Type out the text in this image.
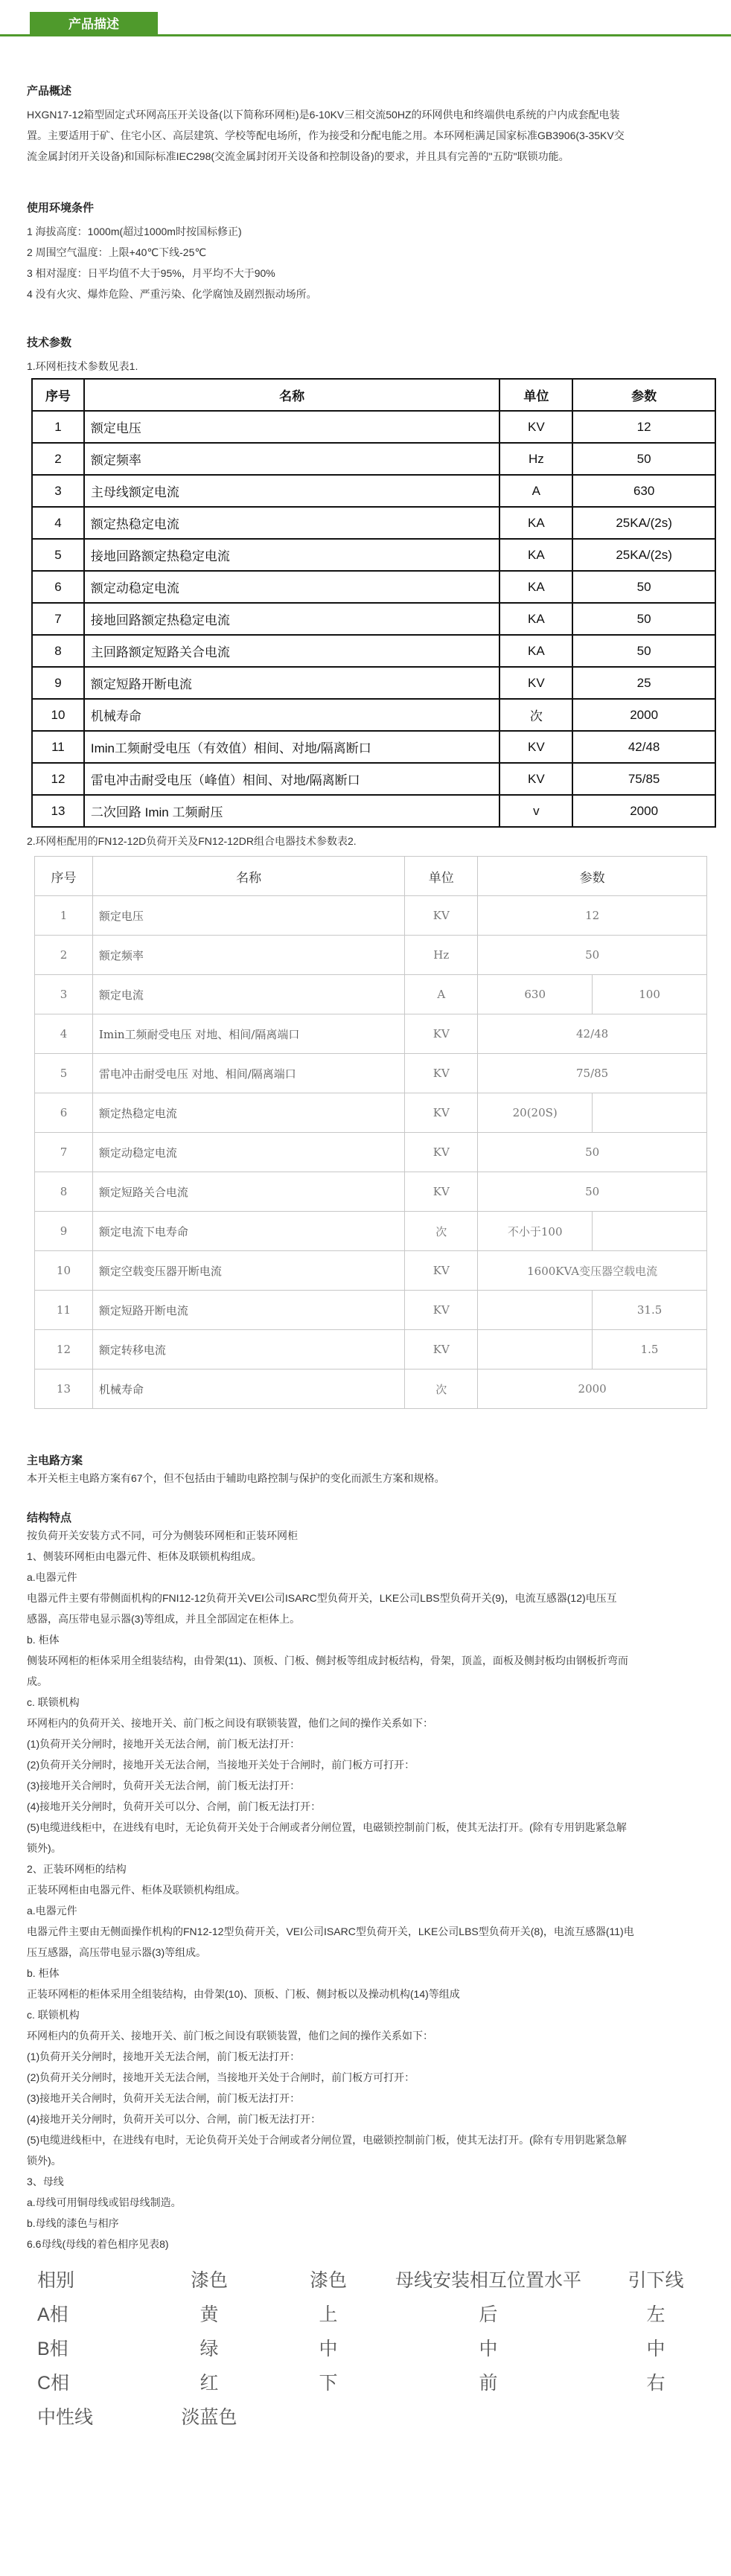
产品描述
产品概述

HXGN17-12箱型固定式环网高压开关设备(以下简称环网柜)是6-10KV三相交流50HZ的环网供电和终端供电系统的户内成套配电装

置。主要适用于矿、住宅小区、高层建筑、学校等配电场所，作为接受和分配电能之用。本环网柜满足国家标准GB3906(3-35KV交

流金属封闭开关设备)和国际标准IEC298(交流金属封闭开关设备和控制设备)的要求，并且具有完善的"五防"联锁功能。

使用环境条件

1 海拔高度：1000m(超过1000m时按国标修正)

2 周围空气温度：上限+40℃下线-25℃

3 相对湿度：日平均值不大于95%，月平均不大于90%

4 没有火灾、爆炸危险、严重污染、化学腐蚀及剧烈振动场所。

技术参数

1.环网柜技术参数见表1.

序号	名称	单位	参数
1	额定电压	KV	12
2	额定频率	Hz	50
3	主母线额定电流	A	630
4	额定热稳定电流	KA	25KA/(2s)
5	接地回路额定热稳定电流	KA	25KA/(2s)
6	额定动稳定电流	KA	50
7	接地回路额定热稳定电流	KA	50
8	主回路额定短路关合电流	KA	50
9	额定短路开断电流	KV	25
10	机械寿命	次	2000
11	Imin工频耐受电压（有效值）相间、对地/隔离断口	KV	42/48
12	雷电冲击耐受电压（峰值）相间、对地/隔离断口	KV	75/85
13	二次回路 Imin 工频耐压	v	2000

2.环网柜配用的FN12-12D负荷开关及FN12-12DR组合电器技术参数表2.

序号	名称	单位	参数	
1	额定电压	KV	12	
2	额定频率	Hz	50	
3	额定电流	A	630	100
4	Imin工频耐受电压 对地、相间/隔离端口	KV	42/48	
5	雷电冲击耐受电压 对地、相间/隔离端口	KV	75/85	
6	额定热稳定电流	KV	20(20S)	
7	额定动稳定电流	KV	50	
8	额定短路关合电流	KV	50	
9	额定电流下电寿命	次	不小于100	
10	额定空载变压器开断电流	KV	1600KVA变压器空载电流	
11	额定短路开断电流	KV		31.5
12	额定转移电流	KV		1.5
13	机械寿命	次	2000	
主电路方案

本开关柜主电路方案有67个，但不包括由于辅助电路控制与保护的变化而派生方案和规格。

结构特点

按负荷开关安装方式不同，可分为侧装环网柜和正装环网柜

1、侧装环网柜由电器元件、柜体及联锁机构组成。

a.电器元件

电器元件主要有带侧面机构的FNI12-12负荷开关VEI公司ISARC型负荷开关，LKE公司LBS型负荷开关(9)，电流互感器(12)电压互

感器，高压带电显示器(3)等组成，并且全部固定在柜体上。

b. 柜体

侧装环网柜的柜体采用全组装结构，由骨架(11)、顶板、门板、侧封板等组成封板结构，骨架，顶盖，面板及侧封板均由钢板折弯而

成。

c. 联锁机构

环网柜内的负荷开关、接地开关、前门板之间设有联锁装置，他们之间的操作关系如下：

(1)负荷开关分闸时，接地开关无法合闸，前门板无法打开：

(2)负荷开关分闸时，接地开关无法合闸，当接地开关处于合闸时，前门板方可打开：

(3)接地开关合闸时，负荷开关无法合闸，前门板无法打开：

(4)接地开关分闸时，负荷开关可以分、合闸，前门板无法打开：

(5)电缆进线柜中，在进线有电时，无论负荷开关处于合闸或者分闸位置，电磁锁控制前门板，使其无法打开。(除有专用钥匙紧急解

锁外)。

2、正装环网柜的结构

正装环网柜由电器元件、柜体及联锁机构组成。

a.电器元件

电器元件主要由无侧面操作机构的FN12-12型负荷开关，VEI公司ISARC型负荷开关，LKE公司LBS型负荷开关(8)，电流互感器(11)电

压互感器，高压带电显示器(3)等组成。

b. 柜体

正装环网柜的柜体采用全组装结构，由骨架(10)、顶板、门板、侧封板以及操动机构(14)等组成

c. 联锁机构

环网柜内的负荷开关、接地开关、前门板之间设有联锁装置，他们之间的操作关系如下：

(1)负荷开关分闸时，接地开关无法合闸，前门板无法打开：

(2)负荷开关分闸时，接地开关无法合闸，当接地开关处于合闸时，前门板方可打开：

(3)接地开关合闸时，负荷开关无法合闸，前门板无法打开：

(4)接地开关分闸时，负荷开关可以分、合闸，前门板无法打开：

(5)电缆进线柜中，在进线有电时，无论负荷开关处于合闸或者分闸位置，电磁锁控制前门板，使其无法打开。(除有专用钥匙紧急解

锁外)。

3、母线

a.母线可用铜母线或铝母线制造。

b.母线的漆色与相序

6.6母线(母线的着色相序见表8)

相别	漆色	漆色	母线安装相互位置水平	引下线
A相	黄	上	后	左
B相	绿	中	中	中
C相	红	下	前	右
中性线	淡蓝色			
